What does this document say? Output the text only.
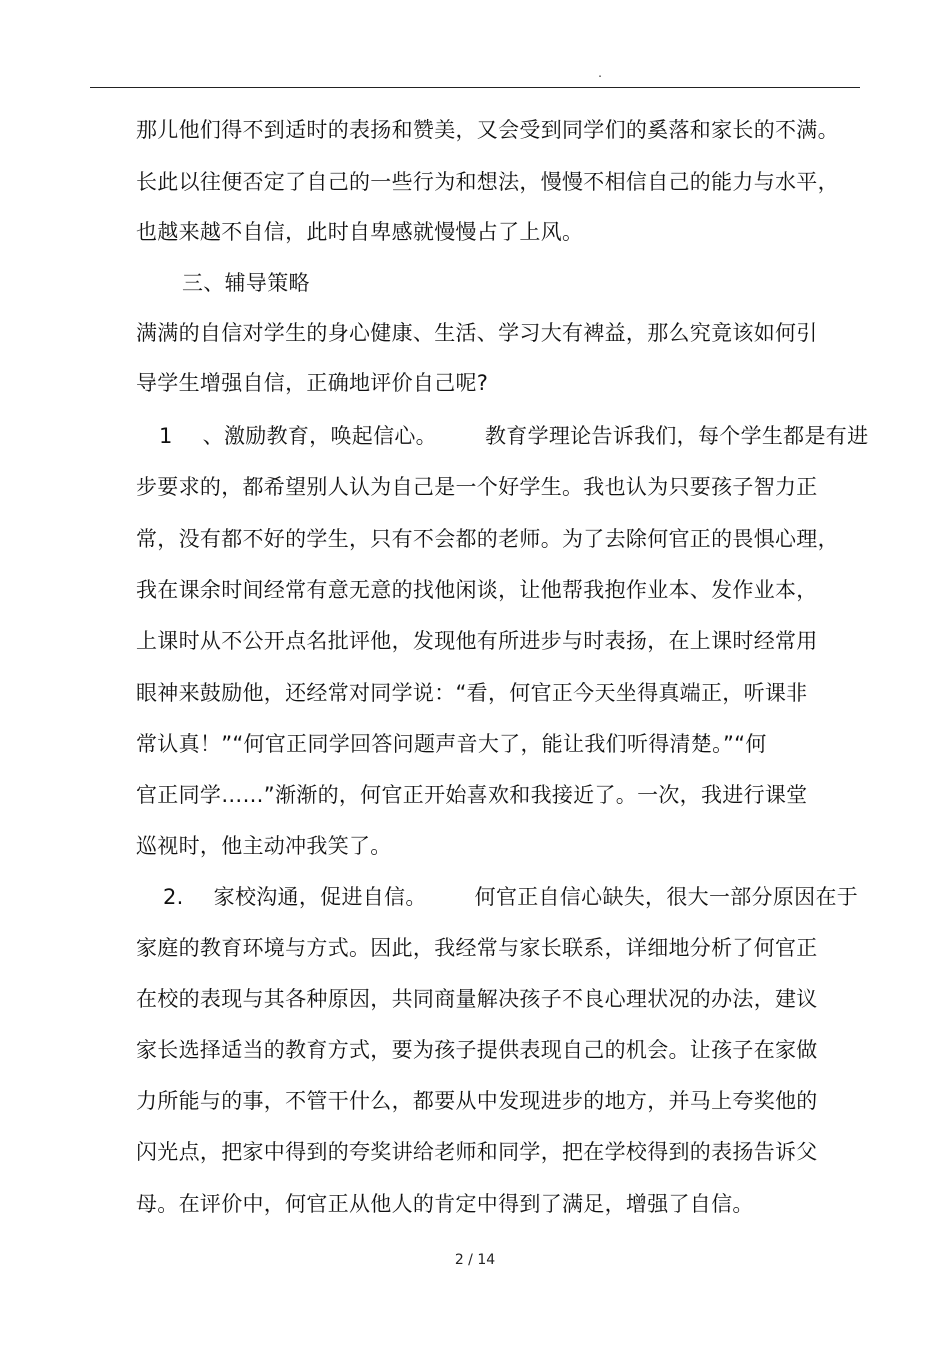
.
那儿他们得不到适时的表扬和赞美，又会受到同学们的奚落和家长的不满。
长此以往便否定了自己的一些行为和想法，慢慢不相信自己的能力与水平，
也越来越不自信，此时自卑感就慢慢占了上风。
三、辅导策略
满满的自信对学生的身心健康、生活、学习大有裨益，那么究竟该如何引
导学生增强自信，正确地评价自己呢?
1 、激励教育，唤起信心。 教育学理论告诉我们，每个学生都是有进
步要求的，都希望别人认为自己是一个好学生。我也认为只要孩子智力正
常，没有都不好的学生，只有不会都的老师。为了去除何官正的畏惧心理，
我在课余时间经常有意无意的找他闲谈，让他帮我抱作业本、发作业本，
上课时从不公开点名批评他，发现他有所进步与时表扬，在上课时经常用
眼神来鼓励他，还经常对同学说：“看，何官正今天坐得真端正，听课非
常认真！”“何官正同学回答问题声音大了，能让我们听得清楚。”“何
官正同学……”渐渐的，何官正开始喜欢和我接近了。一次，我进行课堂
巡视时，他主动冲我笑了。
2. 家校沟通，促进自信。 何官正自信心缺失，很大一部分原因在于
家庭的教育环境与方式。因此，我经常与家长联系，详细地分析了何官正
在校的表现与其各种原因，共同商量解决孩子不良心理状况的办法，建议
家长选择适当的教育方式，要为孩子提供表现自己的机会。让孩子在家做
力所能与的事，不管干什么，都要从中发现进步的地方，并马上夸奖他的
闪光点，把家中得到的夸奖讲给老师和同学，把在学校得到的表扬告诉父
母。在评价中，何官正从他人的肯定中得到了满足，增强了自信。
2 / 14
